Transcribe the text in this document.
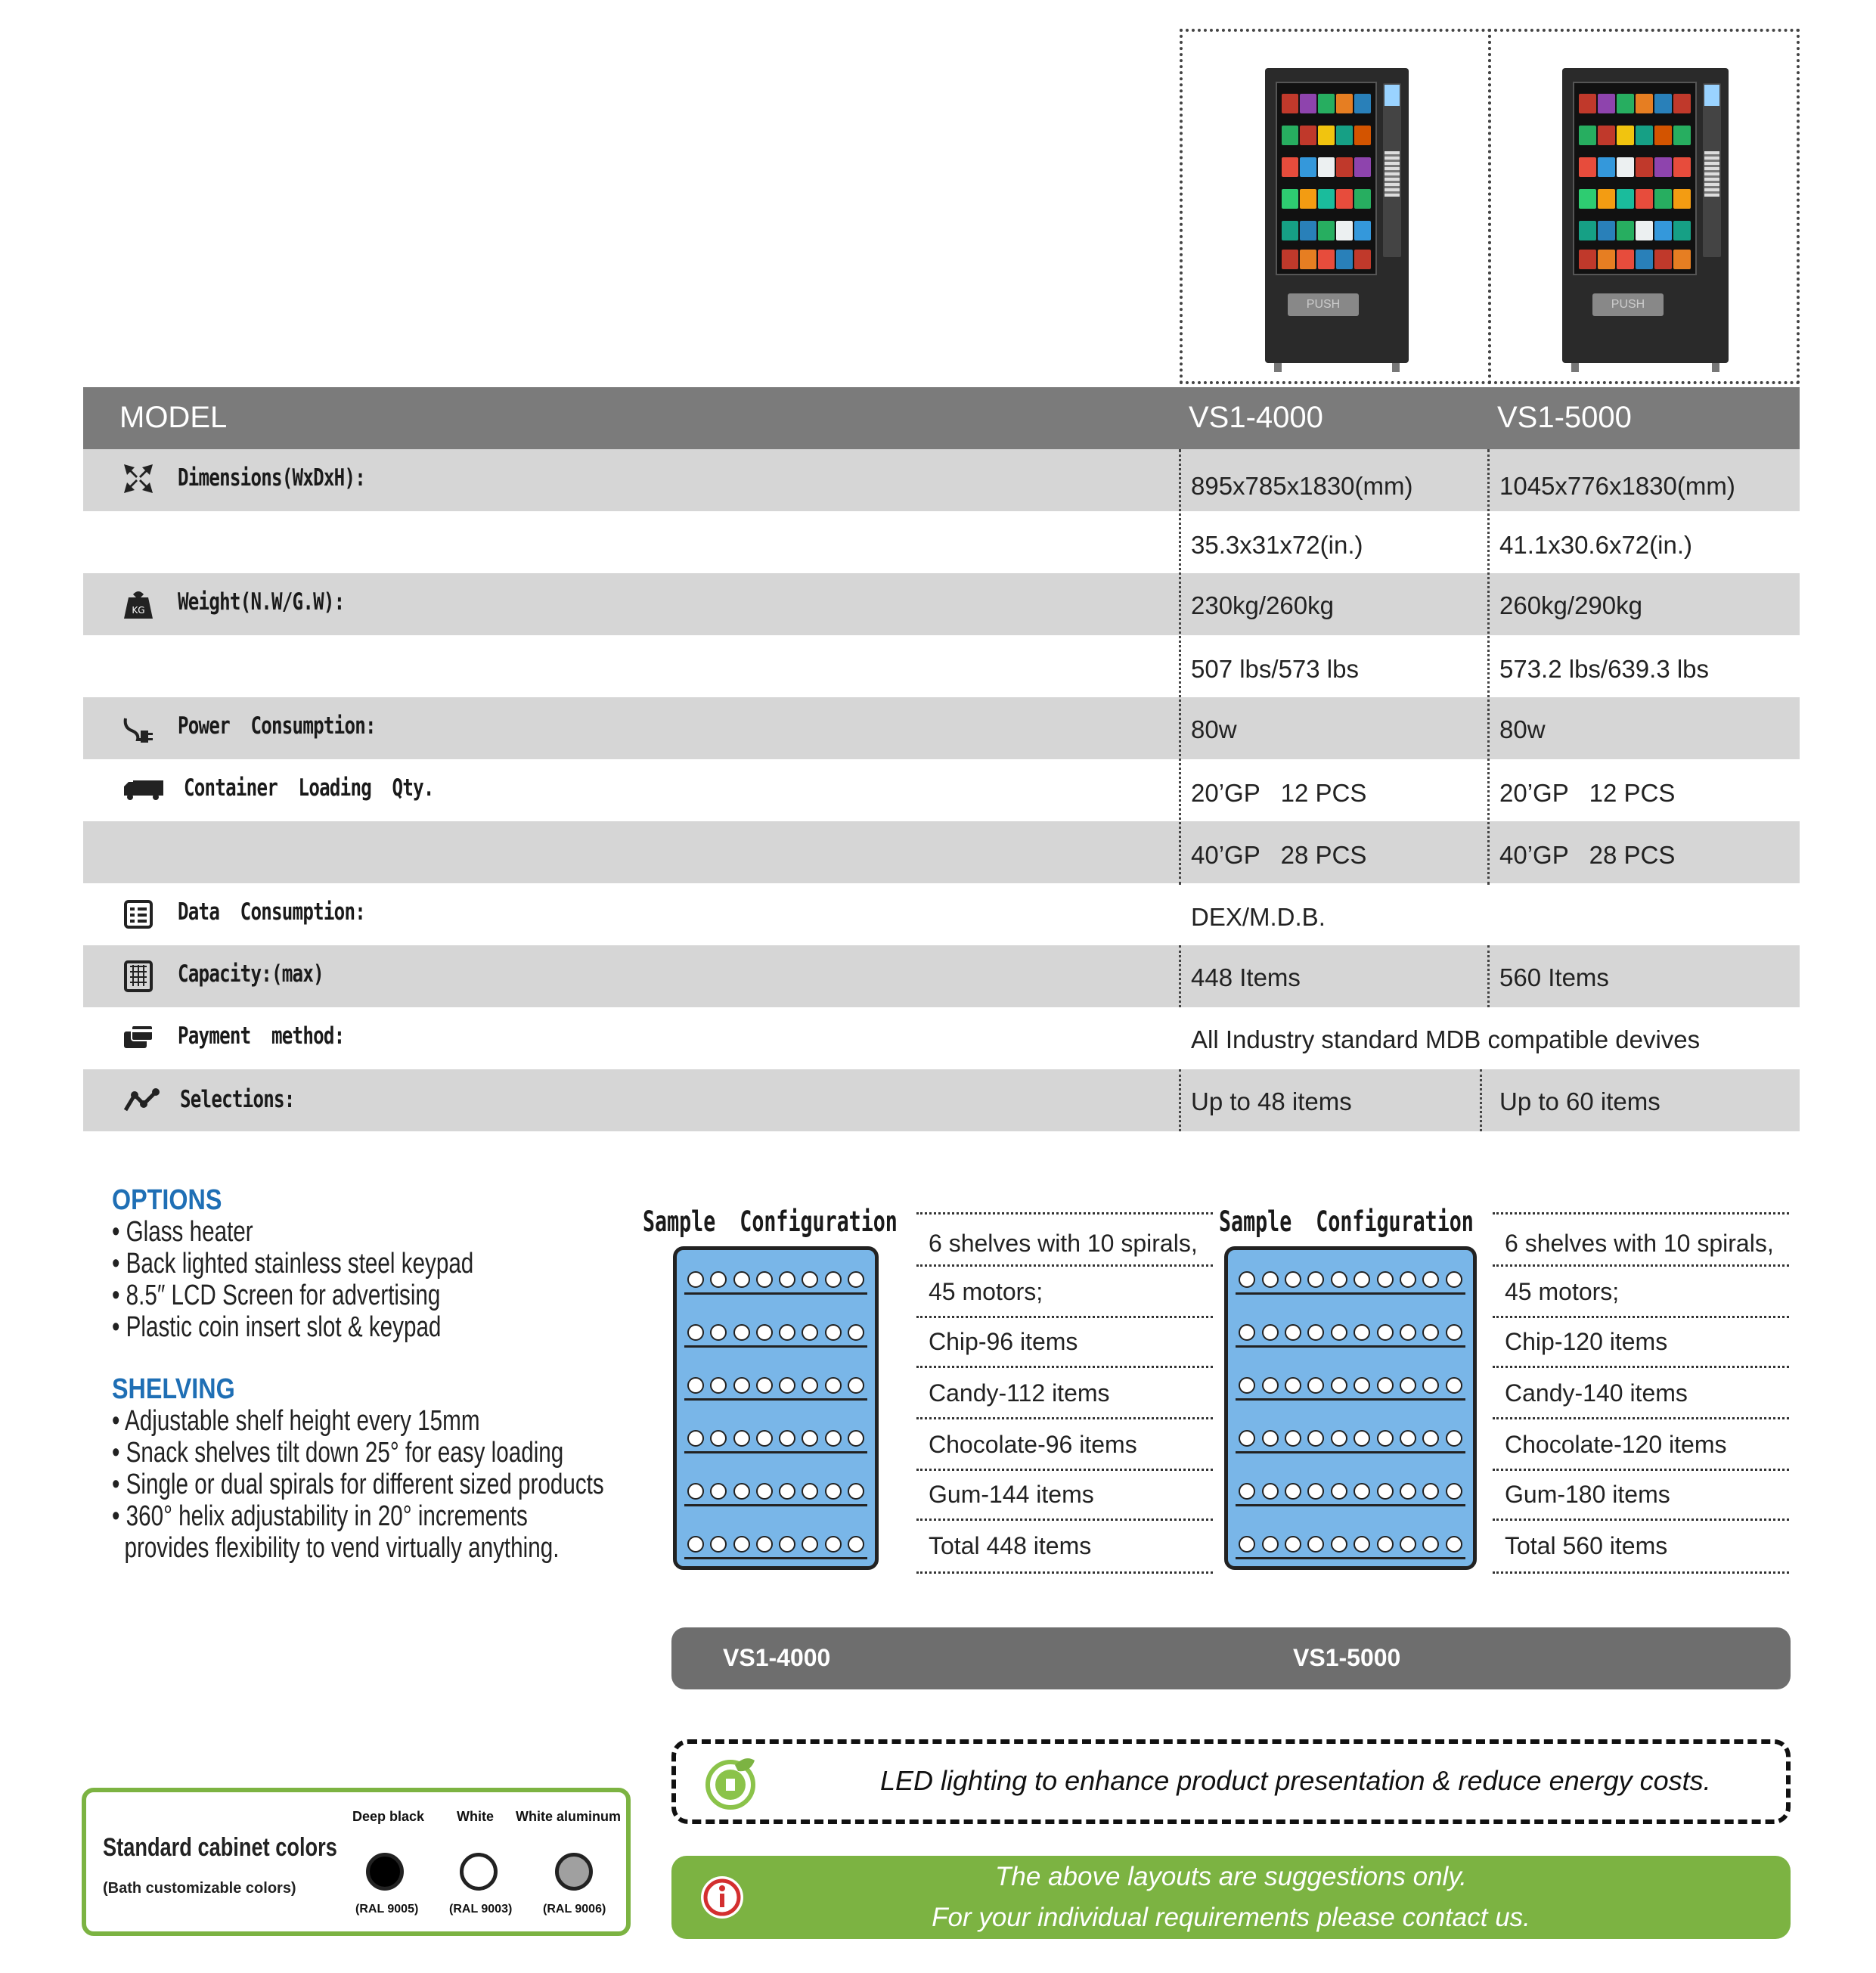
PUSH	PUSH
MODEL	VS1-4000	VS1-5000
Dimensions(WxDxH):	895x785x1830(mm)	1045x776x1830(mm)
35.3x31x72(in.)	41.1x30.6x72(in.)
KG Weight(N.W/G.W):	230kg/260kg	260kg/290kg
507 lbs/573 lbs	573.2 lbs/639.3 lbs
Power  Consumption:	80w	80w
Container  Loading  Qty.	20’GP   12 PCS	20’GP   12 PCS
40’GP   28 PCS	40’GP   28 PCS
Data  Consumption:	DEX/M.D.B.
Capacity:(max)	448 Items	560 Items
Payment  method:	All Industry standard MDB compatible devives
Selections:	Up to 48 items	Up to 60 items
OPTIONS
• Glass heater
• Back lighted stainless steel keypad
• 8.5″ LCD Screen for advertising
• Plastic coin insert slot & keypad
SHELVING
• Adjustable shelf height every 15mm
• Snack shelves tilt down 25° for easy loading
• Single or dual spirals for different sized products
• 360° helix adjustability in 20° increments
provides flexibility to vend virtually anything.
Sample  Configuration
6 shelves with 10 spirals,
45 motors;
Chip-96 items
Candy-112 items
Chocolate-96 items
Gum-144 items
Total 448 items
Sample  Configuration
6 shelves with 10 spirals,
45 motors;
Chip-120 items
Candy-140 items
Chocolate-120 items
Gum-180 items
Total 560 items
VS1-4000	VS1-5000
LED lighting to enhance product presentation & reduce energy costs.
The above layouts are suggestions only.
For your individual requirements please contact us.
Standard cabinet colors
(Bath customizable colors)
Deep black
(RAL 9005)
White
(RAL 9003)
White aluminum
(RAL 9006)
